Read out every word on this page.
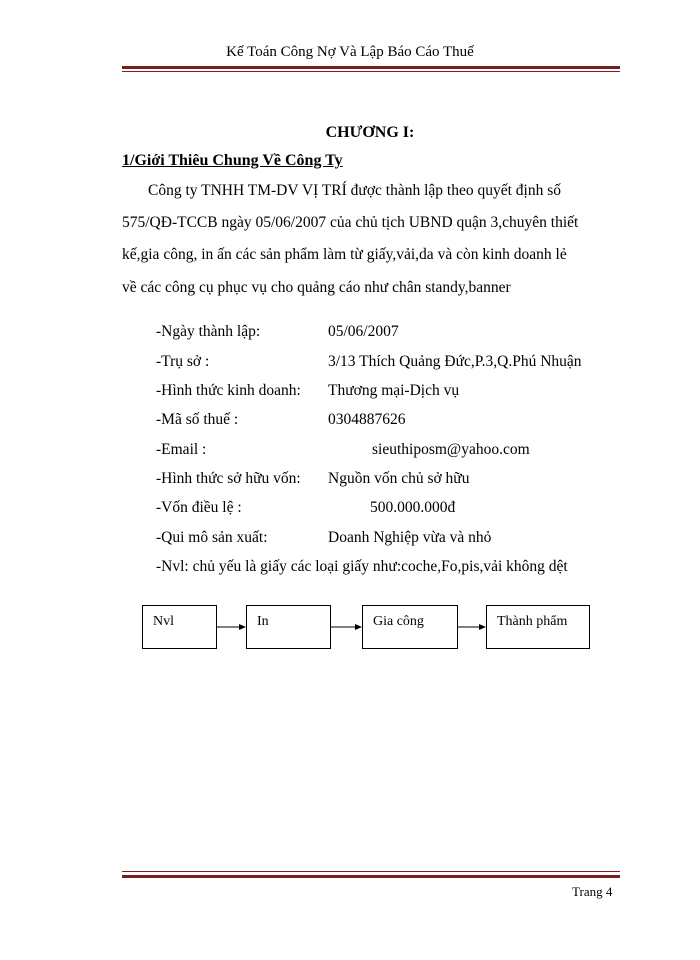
Kế Toán Công Nợ Và Lập Báo Cáo Thuế
CHƯƠNG I:
1/Giới Thiêu Chung Về Công Ty
Công ty TNHH TM-DV VỊ TRÍ được thành lập theo quyết định số
575/QĐ-TCCB ngày 05/06/2007 của chủ tịch UBND quận 3,chuyên thiết
kế,gia công, in ấn các sản phẩm làm từ giấy,vải,da và còn kinh doanh lẻ
về các công cụ phục vụ cho quảng cáo như chân standy,banner
-Ngày thành lập:	05/06/2007
-Trụ sở :	3/13 Thích Quảng Đức,P.3,Q.Phú Nhuận
-Hình thức kinh doanh: Thương mại-Dịch vụ
-Mã số thuế :	0304887626
-Email :	sieuthiposm@yahoo.com
-Hình thức sở hữu vốn: Nguồn vốn chủ sở hữu
-Vốn điều lệ :	500.000.000đ
-Qui mô sản xuất:	Doanh Nghiệp vừa và nhỏ
-Nvl: chủ yếu là giấy các loại giấy như:coche,Fo,pis,vải không dệt
Nvl	In	Gia công	Thành phẩm
Trang 4
